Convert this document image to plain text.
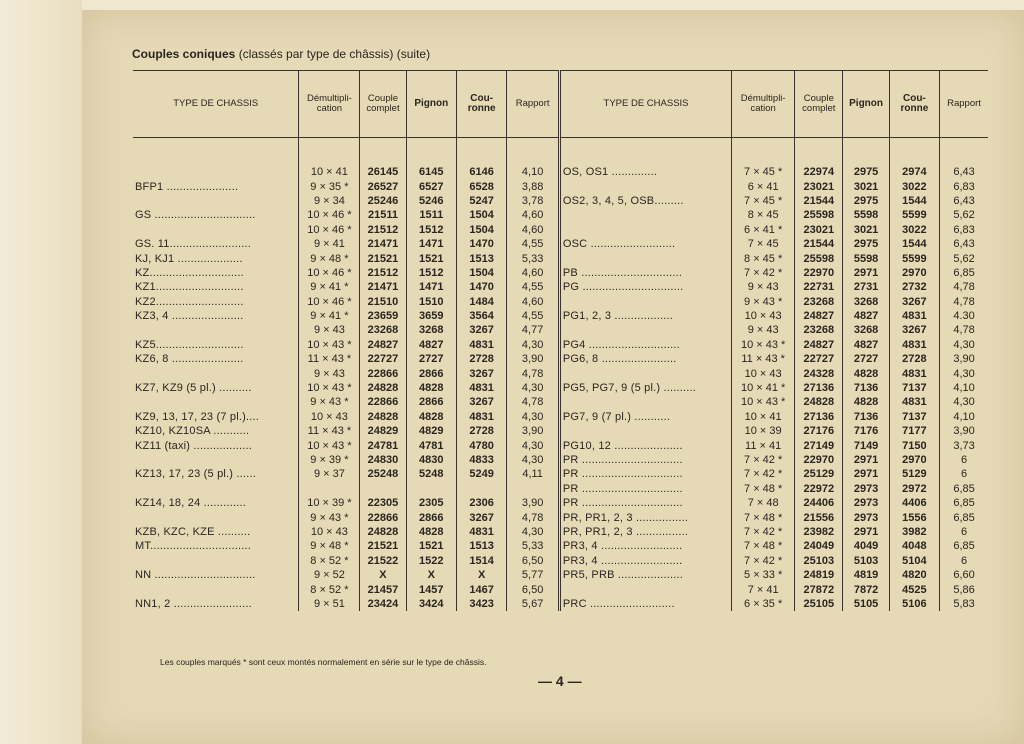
Couples coniques (classés par type de châssis) (suite)
TYPE DE CHASSIS	Démultipli- cation	Couple complet	Pignon	Cou- ronne	Rapport	TYPE DE CHASSIS	Démultipli- cation	Couple complet	Pignon	Cou- ronne	Rapport

	10 × 41	26145	6145	6146	4,10	OS, OS1 ..............	7 × 45 *	22974	2975	2974	6,43
BFP1 ......................	9 × 35 *	26527	6527	6528	3,88		6 × 41	23021	3021	3022	6,83
	9 × 34	25246	5246	5247	3,78	OS2, 3, 4, 5, OSB.........	7 × 45 *	21544	2975	1544	6,43
GS ...............................	10 × 46 *	21511	1511	1504	4,60		8 × 45	25598	5598	5599	5,62
	10 × 46 *	21512	1512	1504	4,60		6 × 41 *	23021	3021	3022	6,83
GS. 11.........................	9 × 41	21471	1471	1470	4,55	OSC ..........................	7 × 45	21544	2975	1544	6,43
KJ, KJ1 ....................	9 × 48 *	21521	1521	1513	5,33		8 × 45 *	25598	5598	5599	5,62
KZ.............................	10 × 46 *	21512	1512	1504	4,60	PB ...............................	7 × 42 *	22970	2971	2970	6,85
KZ1...........................	9 × 41 *	21471	1471	1470	4,55	PG ...............................	9 × 43	22731	2731	2732	4,78
KZ2...........................	10 × 46 *	21510	1510	1484	4,60		9 × 43 *	23268	3268	3267	4,78
KZ3, 4 ......................	9 × 41 *	23659	3659	3564	4,55	PG1, 2, 3 ..................	10 × 43	24827	4827	4831	4.30
	9 × 43	23268	3268	3267	4,77		9 × 43	23268	3268	3267	4,78
KZ5...........................	10 × 43 *	24827	4827	4831	4,30	PG4 ............................	10 × 43 *	24827	4827	4831	4,30
KZ6, 8 ......................	11 × 43 *	22727	2727	2728	3,90	PG6, 8 .......................	11 × 43 *	22727	2727	2728	3,90
	9 × 43	22866	2866	3267	4,78		10 × 43	24328	4828	4831	4,30
KZ7, KZ9 (5 pl.) ..........	10 × 43 *	24828	4828	4831	4,30	PG5, PG7, 9 (5 pl.) ..........	10 × 41 *	27136	7136	7137	4,10
	9 × 43 *	22866	2866	3267	4,78		10 × 43 *	24828	4828	4831	4,30
KZ9, 13, 17, 23 (7 pl.)....	10 × 43	24828	4828	4831	4,30	PG7, 9 (7 pl.) ...........	10 × 41	27136	7136	7137	4,10
KZ10, KZ10SA ...........	11 × 43 *	24829	4829	2728	3,90		10 × 39	27176	7176	7177	3,90
KZ11 (taxi) ..................	10 × 43 *	24781	4781	4780	4,30	PG10, 12 .....................	11 × 41	27149	7149	7150	3,73
	9 × 39 *	24830	4830	4833	4,30	PR ...............................	7 × 42 *	22970	2971	2970	6
KZ13, 17, 23 (5 pl.) ......	9 × 37	25248	5248	5249	4,11	PR ...............................	7 × 42 *	25129	2971	5129	6
						PR ...............................	7 × 48 *	22972	2973	2972	6,85
KZ14, 18, 24 .............	10 × 39 *	22305	2305	2306	3,90	PR ...............................	7 × 48	24406	2973	4406	6,85
	9 × 43 *	22866	2866	3267	4,78	PR, PR1, 2, 3 ................	7 × 48 *	21556	2973	1556	6,85
KZB, KZC, KZE ..........	10 × 43	24828	4828	4831	4,30	PR, PR1, 2, 3 ................	7 × 42 *	23982	2971	3982	6
MT...............................	9 × 48 *	21521	1521	1513	5,33	PR3, 4 .........................	7 × 48 *	24049	4049	4048	6,85
	8 × 52 *	21522	1522	1514	6,50	PR3, 4 .........................	7 × 42 *	25103	5103	5104	6
NN ...............................	9 × 52	X	X	X	5,77	PR5, PRB ....................	5 × 33 *	24819	4819	4820	6,60
	8 × 52 *	21457	1457	1467	6,50		7 × 41	27872	7872	4525	5,86
NN1, 2 ........................	9 × 51	23424	3424	3423	5,67	PRC ..........................	6 × 35 *	25105	5105	5106	5,83
Les couples marqués * sont ceux montés normalement en série sur le type de châssis.
— 4 —
